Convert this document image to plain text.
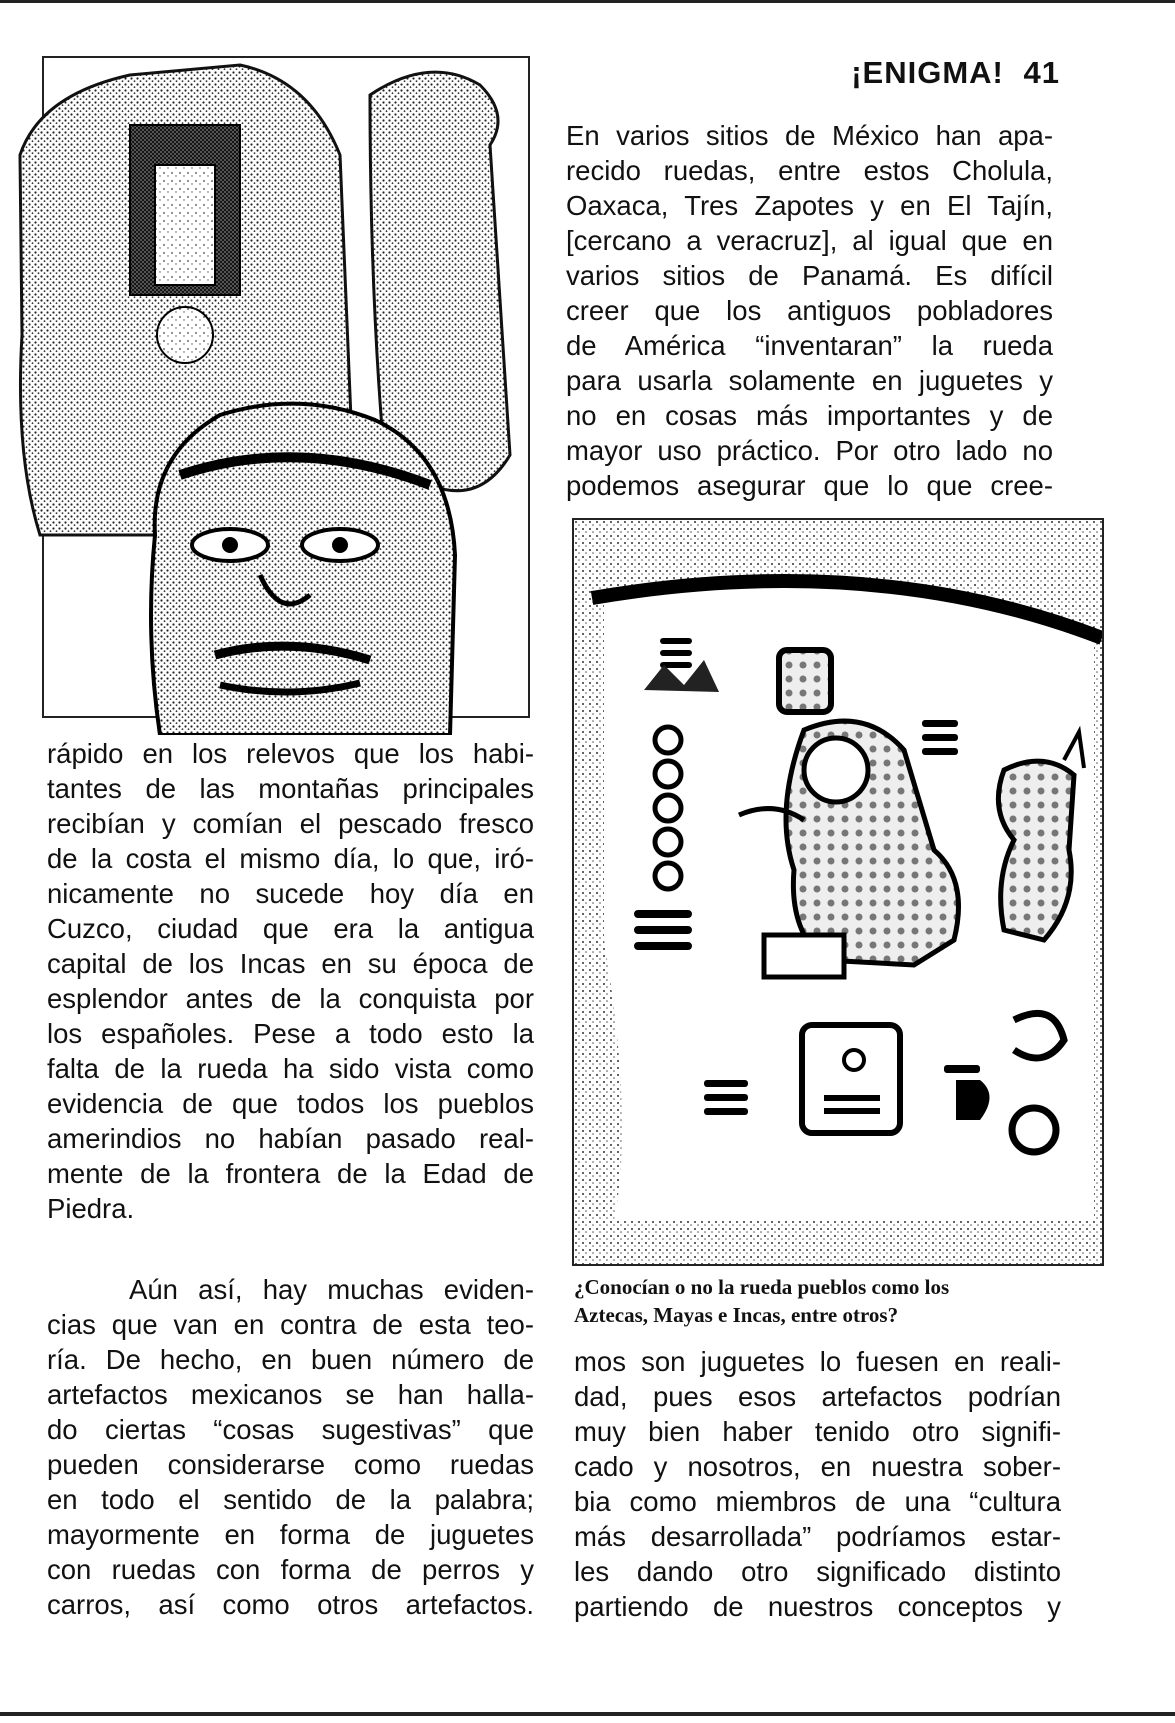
¡ENIGMA! 41
En varios sitios de México han apa-
recido ruedas, entre estos Cholula,
Oaxaca, Tres Zapotes y en El Tajín,
[cercano a veracruz], al igual que en
varios sitios de Panamá. Es difícil
creer que los antiguos pobladores
de América “inventaran” la rueda
para usarla solamente en juguetes y
no en cosas más importantes y de
mayor uso práctico. Por otro lado no
podemos asegurar que lo que cree-
¿Conocían o no la rueda pueblos como los
Aztecas, Mayas e Incas, entre otros?
rápido en los relevos que los habi-
tantes de las montañas principales
recibían y comían el pescado fresco
de la costa el mismo día, lo que, iró-
nicamente no sucede hoy día en
Cuzco, ciudad que era la antigua
capital de los Incas en su época de
esplendor antes de la conquista por
los españoles. Pese a todo esto la
falta de la rueda ha sido vista como
evidencia de que todos los pueblos
amerindios no habían pasado real-
mente de la frontera de la Edad de
Piedra.
Aún así, hay muchas eviden-
cias que van en contra de esta teo-
ría. De hecho, en buen número de
artefactos mexicanos se han halla-
do ciertas “cosas sugestivas” que
pueden considerarse como ruedas
en todo el sentido de la palabra;
mayormente en forma de juguetes
con ruedas con forma de perros y
carros, así como otros artefactos.
mos son juguetes lo fuesen en reali-
dad, pues esos artefactos podrían
muy bien haber tenido otro signifi-
cado y nosotros, en nuestra sober-
bia como miembros de una “cultura
más desarrollada” podríamos estar-
les dando otro significado distinto
partiendo de nuestros conceptos y
